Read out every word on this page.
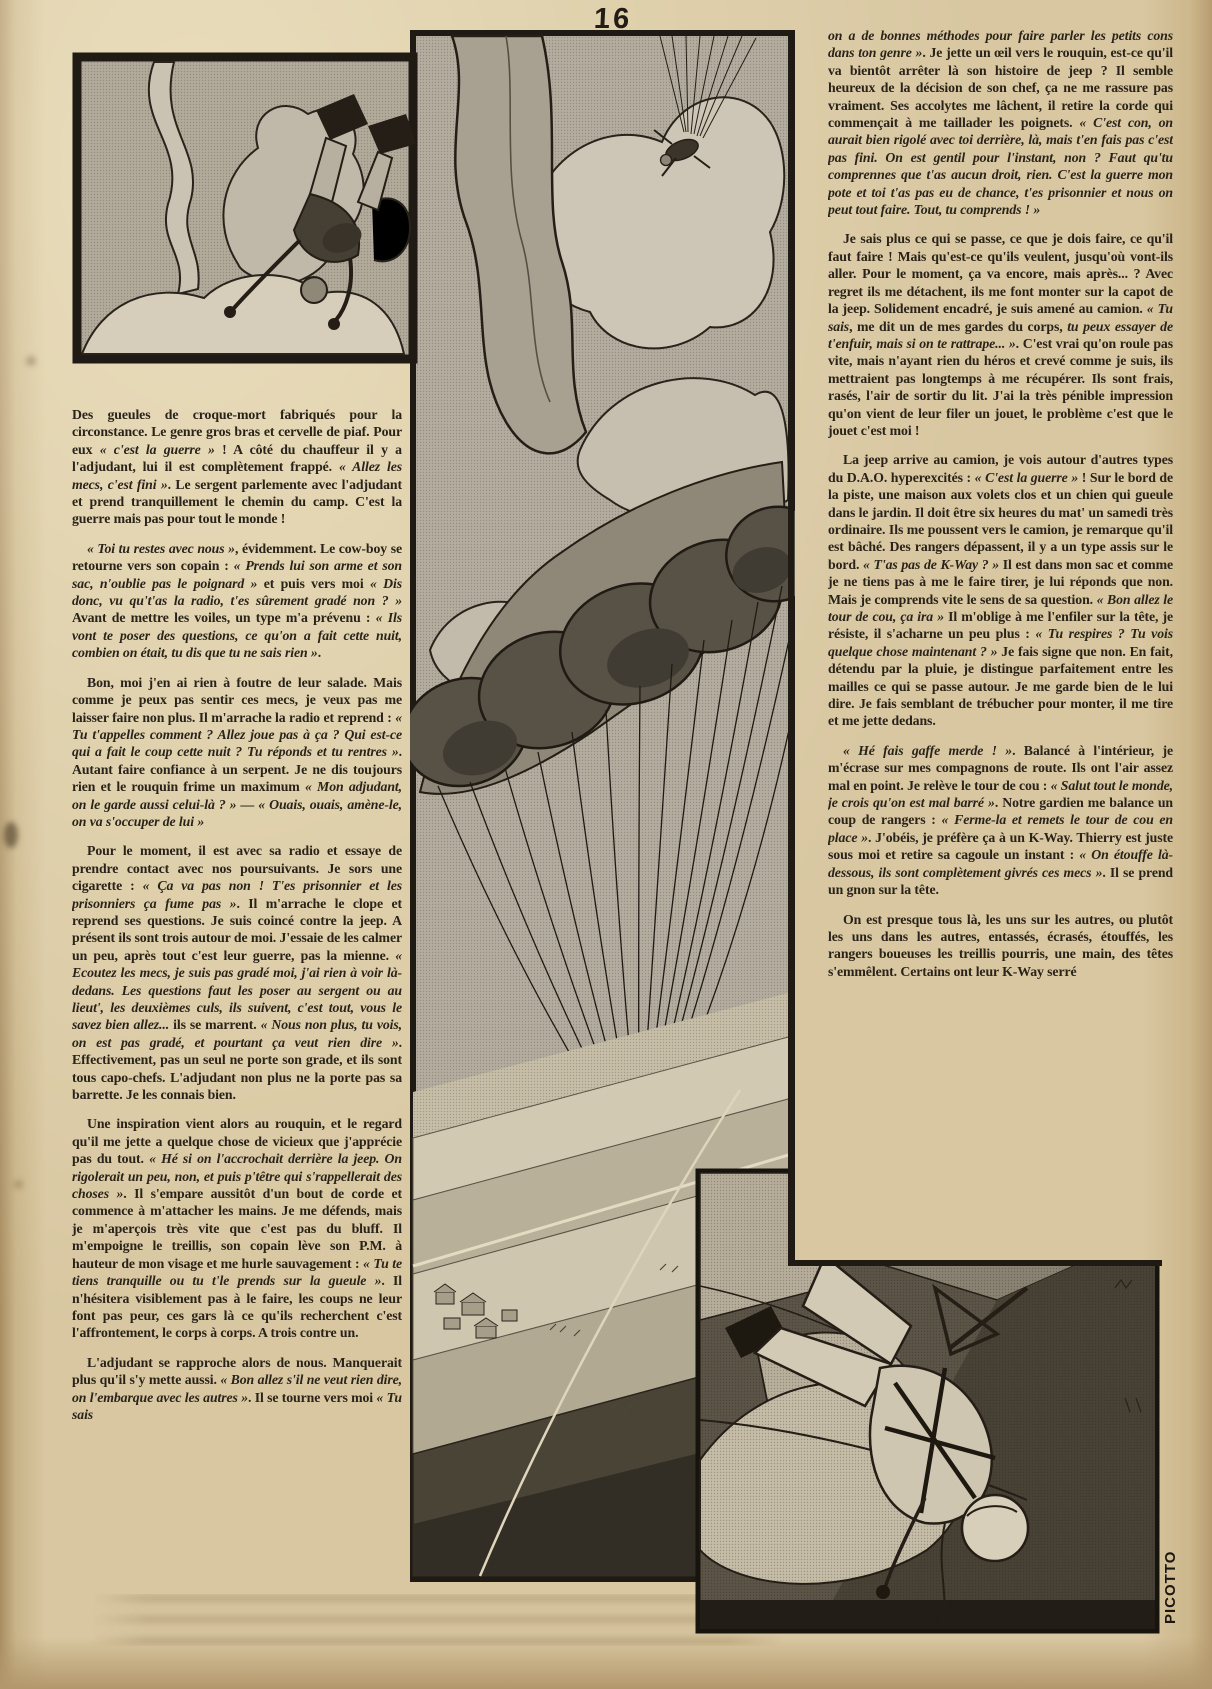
16

Des gueules de croque-mort fabriqués pour la circonstance. Le genre gros bras et cervelle de piaf. Pour eux « c'est la guerre » ! A côté du chauffeur il y a l'adjudant, lui il est complètement frappé. « Allez les mecs, c'est fini ». Le sergent parlemente avec l'adjudant et prend tranquillement le chemin du camp. C'est la guerre mais pas pour tout le monde !

« Toi tu restes avec nous », évidemment. Le cow-boy se retourne vers son copain : « Prends lui son arme et son sac, n'oublie pas le poignard » et puis vers moi « Dis donc, vu qu't'as la radio, t'es sûrement gradé non ? » Avant de mettre les voiles, un type m'a prévenu : « Ils vont te poser des questions, ce qu'on a fait cette nuit, combien on était, tu dis que tu ne sais rien ».

Bon, moi j'en ai rien à foutre de leur salade. Mais comme je peux pas sentir ces mecs, je veux pas me laisser faire non plus. Il m'arrache la radio et reprend : « Tu t'appelles comment ? Allez joue pas à ça ? Qui est-ce qui a fait le coup cette nuit ? Tu réponds et tu rentres ». Autant faire confiance à un serpent. Je ne dis toujours rien et le rouquin frime un maximum « Mon adjudant, on le garde aussi celui-là ? » — « Ouais, ouais, amène-le, on va s'occuper de lui »

Pour le moment, il est avec sa radio et essaye de prendre contact avec nos poursuivants. Je sors une cigarette : « Ça va pas non ! T'es prisonnier et les prisonniers ça fume pas ». Il m'arrache le clope et reprend ses questions. Je suis coincé contre la jeep. A présent ils sont trois autour de moi. J'essaie de les calmer un peu, après tout c'est leur guerre, pas la mienne. « Ecoutez les mecs, je suis pas gradé moi, j'ai rien à voir là-dedans. Les questions faut les poser au sergent ou au lieut', les deuxièmes culs, ils suivent, c'est tout, vous le savez bien allez... ils se marrent. « Nous non plus, tu vois, on est pas gradé, et pourtant ça veut rien dire ». Effectivement, pas un seul ne porte son grade, et ils sont tous capo-chefs. L'adjudant non plus ne la porte pas sa barrette. Je les connais bien.

Une inspiration vient alors au rouquin, et le regard qu'il me jette a quelque chose de vicieux que j'apprécie pas du tout. « Hé si on l'accrochait derrière la jeep. On rigolerait un peu, non, et puis p'têtre qui s'rappellerait des choses ». Il s'empare aussitôt d'un bout de corde et commence à m'attacher les mains. Je me défends, mais je m'aperçois très vite que c'est pas du bluff. Il m'empoigne le treillis, son copain lève son P.M. à hauteur de mon visage et me hurle sauvagement : « Tu te tiens tranquille ou tu t'le prends sur la gueule ». Il n'hésitera visiblement pas à le faire, les coups ne leur font pas peur, ces gars là ce qu'ils recherchent c'est l'affrontement, le corps à corps. A trois contre un.

L'adjudant se rapproche alors de nous. Manquerait plus qu'il s'y mette aussi. « Bon allez s'il ne veut rien dire, on l'embarque avec les autres ». Il se tourne vers moi « Tu sais

on a de bonnes méthodes pour faire parler les petits cons dans ton genre ». Je jette un œil vers le rouquin, est-ce qu'il va bientôt arrêter là son histoire de jeep ? Il semble heureux de la décision de son chef, ça ne me rassure pas vraiment. Ses accolytes me lâchent, il retire la corde qui commençait à me taillader les poignets. « C'est con, on aurait bien rigolé avec toi derrière, là, mais t'en fais pas c'est pas fini. On est gentil pour l'instant, non ? Faut qu'tu comprennes que t'as aucun droit, rien. C'est la guerre mon pote et toi t'as pas eu de chance, t'es prisonnier et nous on peut tout faire. Tout, tu comprends ! »

Je sais plus ce qui se passe, ce que je dois faire, ce qu'il faut faire ! Mais qu'est-ce qu'ils veulent, jusqu'où vont-ils aller. Pour le moment, ça va encore, mais après... ? Avec regret ils me détachent, ils me font monter sur la capot de la jeep. Solidement encadré, je suis amené au camion. « Tu sais, me dit un de mes gardes du corps, tu peux essayer de t'enfuir, mais si on te rattrape... ». C'est vrai qu'on roule pas vite, mais n'ayant rien du héros et crevé comme je suis, ils mettraient pas longtemps à me récupérer. Ils sont frais, rasés, l'air de sortir du lit. J'ai la très pénible impression qu'on vient de leur filer un jouet, le problème c'est que le jouet c'est moi !

La jeep arrive au camion, je vois autour d'autres types du D.A.O. hyperexcités : « C'est la guerre » ! Sur le bord de la piste, une maison aux volets clos et un chien qui gueule dans le jardin. Il doit être six heures du mat' un samedi très ordinaire. Ils me poussent vers le camion, je remarque qu'il est bâché. Des rangers dépassent, il y a un type assis sur le bord. « T'as pas de K-Way ? » Il est dans mon sac et comme je ne tiens pas à me le faire tirer, je lui réponds que non. Mais je comprends vite le sens de sa question. « Bon allez le tour de cou, ça ira » Il m'oblige à me l'enfiler sur la tête, je résiste, il s'acharne un peu plus : « Tu respires ? Tu vois quelque chose maintenant ? » Je fais signe que non. En fait, détendu par la pluie, je distingue parfaitement entre les mailles ce qui se passe autour. Je me garde bien de le lui dire. Je fais semblant de trébucher pour monter, il me tire et me jette dedans.

« Hé fais gaffe merde ! ». Balancé à l'intérieur, je m'écrase sur mes compagnons de route. Ils ont l'air assez mal en point. Je relève le tour de cou : « Salut tout le monde, je crois qu'on est mal barré ». Notre gardien me balance un coup de rangers : « Ferme-la et remets le tour de cou en place ». J'obéis, je préfère ça à un K-Way. Thierry est juste sous moi et retire sa cagoule un instant : « On étouffe là-dessous, ils sont complètement givrés ces mecs ». Il se prend un gnon sur la tête.

On est presque tous là, les uns sur les autres, ou plutôt les uns dans les autres, entassés, écrasés, étouffés, les rangers boueuses les treillis pourris, une main, des têtes s'emmêlent. Certains ont leur K-Way serré

PICOTTO
